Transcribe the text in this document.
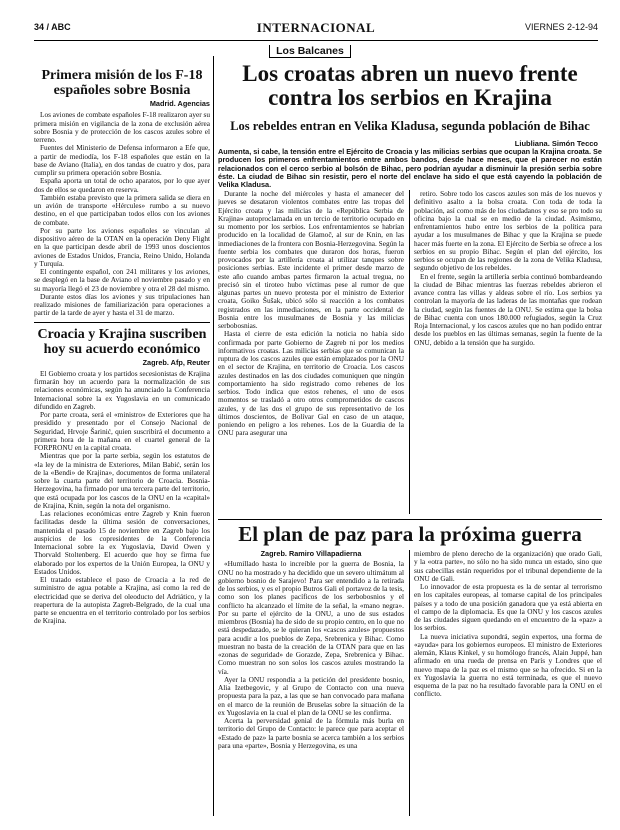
34 / ABC	INTERNACIONAL	VIERNES 2-12-94
Los Balcanes
Primera misión de los F-18 españoles sobre Bosnia
Madrid. Agencias

Los aviones de combate españoles F-18 realizaron ayer su primera misión en vigilancia de la zona de exclusión aérea sobre Bosnia y de protección de los cascos azules sobre el terreno.

Fuentes del Ministerio de Defensa informaron a Efe que, a partir de mediodía, los F-18 españoles que están en la base de Aviano (Italia), en dos tandas de cuatro y dos, para cumplir su primera operación sobre Bosnia.

España aporta un total de ocho aparatos, por lo que ayer dos de ellos se quedaron en reserva.

También estaba previsto que la primera salida se diera en un avión de transporte «Hércules» rumbo a su nuevo destino, en el que participaban todos ellos con los aviones de combate.

Por su parte los aviones españoles se vinculan al dispositivo aéreo de la OTAN en la operación Deny Flight en la que participan desde abril de 1993 unos doscientos aviones de Estados Unidos, Francia, Reino Unido, Holanda y Turquía.

El contingente español, con 241 militares y los aviones, se desplegó en la base de Aviano el noviembre pasado y en su mayoría llegó el 23 de noviembre y otra el 28 del mismo.

Durante estos días los aviones y sus tripulaciones han realizado misiones de familiarización para operaciones a partir de la tarde de ayer y hasta el 31 de marzo.

Croacia y Krajina suscriben hoy su acuerdo económico
Zagreb. Afp, Reuter

El Gobierno croata y los partidos secesionistas de Krajina firmarán hoy un acuerdo para la normalización de sus relaciones económicas, según ha anunciado la Conferencia Internacional sobre la ex Yugoslavia en un comunicado difundido en Zagreb.

Por parte croata, será el «ministro» de Exteriores que ha presidido y presentado por el Consejo Nacional de Seguridad, Hrvoje Šarinić, quien suscribirá el documento a primera hora de la mañana en el cuartel general de la FORPRONU en la capital croata.

Mientras que por la parte serbia, según los estatutos de «la ley de la ministra de Exteriores, Milan Babić, serán los de la «Bendi» de Krajina», documentos de forma unilateral sobre la cuarta parte del territorio de Croacia. Bosnia-Herzegovina, ha firmado por una tercera parte del territorio, que está ocupada por los cascos de la ONU en la «capital» de Krajina, Knin, según la nota del organismo.

Las relaciones económicas entre Zagreb y Knin fueron facilitadas desde la última sesión de conversaciones, mantenida el pasado 15 de noviembre en Zagreb bajo los auspicios de los copresidentes de la Conferencia Internacional sobre la ex Yugoslavia, David Owen y Thorvald Stoltenberg. El acuerdo que hoy se firma fue elaborado por los expertos de la Unión Europea, la ONU y Estados Unidos.

El tratado establece el paso de Croacia a la red de suministro de agua potable a Krajina, así como la red de electricidad que se deriva del oleoducto del Adriático, y la reapertura de la autopista Zagreb-Belgrado, de la cual una parte se encuentra en el territorio controlado por los serbios de Krajina.

Los croatas abren un nuevo frente contra los serbios en Krajina
Los rebeldes entran en Velika Kladusa, segunda población de Bihac
Liubliana. Simón Tecco
Aumenta, si cabe, la tensión entre el Ejército de Croacia y las milicias serbias que ocupan la Krajina croata. Se producen los primeros enfrentamientos entre ambos bandos, desde hace meses, que el parecer no están relacionados con el cerco serbio al bolsón de Bihac, pero podrían ayudar a disminuir la presión serbia sobre éste. La ciudad de Bihac sin resistir, pero el norte del enclave ha sido el que está cayendo la población de Velika Kladusa.

Durante la noche del miércoles y hasta el amanecer del jueves se desataron violentos combates entre las tropas del Ejército croata y las milicias de la «República Serbia de Krajina» autoproclamada en un tercio de territorio ocupado en su momento por los serbios. Los enfrentamientos se habrían producido en la localidad de Glamoč, al sur de Knin, en las inmediaciones de la frontera con Bosnia-Herzegovina. Según la fuente serbia los combates que duraron dos horas, fueron provocados por la artillería croata al utilizar tanques sobre posiciones serbias. Este incidente el primer desde marzo de este año cuando ambas partes firmaron la actual tregua, no precisó sin el tiroteo hubo víctimas pese al rumor de que algunas partes un nuevo protesta por el ministro de Exterior croata, Goiko Šušak, ubicó sólo si reacción a los combates registrados en las inmediaciones, en la parte occidental de Bosnia entre los musulmanes de Bosnia y las milicias serbobosnias.

Hasta el cierre de esta edición la noticia no había sido confirmada por parte Gobierno de Zagreb ni por los medios informativos croatas. Las milicias serbias que se comunican la ruptura de los cascos azules que están emplazados por la ONU en el sector de Krajina, en territorio de Croacia. Los cascos azules destinados en las dos ciudades comuniquen que ningún comportamiento ha sido registrado como rehenes de los serbios. Todo indica que estos rehenes, el uno de esos momentos se trasladó a otro otros comprometidos de cascos azules, y de las dos el grupo de sus representativo de los últimos doscientos, de Bolívar Gal en caso de un ataque, poniendo en peligro a los rehenes. Los de la Guardia de la ONU para asegurar una

retiro. Sobre todo los cascos azules son más de los nuevos y definitivo asalto a la bolsa croata. Con toda de toda la población, así como más de los ciudadanos y eso se pro todo su oficina bajo la cual se en medio de la ciudad. Asimismo, enfrentamientos hubo entre los serbios de la política para ayudar a los musulmanes de Bihac y que la Krajina se puede hacer más fuerte en la zona. El Ejército de Serbia se ofrece a los serbios en su propio Bihac. Según el plan del ejército, los serbios se ocupan de las regiones de la zona de Velika Kladusa, segundo objetivo de los rebeldes.

En el frente, según la artillería serbia continuó bombardeando la ciudad de Bihac mientras las fuerzas rebeldes abrieron el avance contra las villas y aldeas sobre el río. Los serbios ya controlan la mayoría de las laderas de las montañas que rodean la ciudad, según las fuentes de la ONU. Se estima que la bolsa de Bihac cuenta con unos 180.000 refugiados, según la Cruz Roja Internacional, y los cascos azules que no han podido entrar desde los pueblos en las últimas semanas, según la fuente de la ONU, debido a la tensión que ha surgido.

El plan de paz para la próxima guerra
Zagreb. Ramiro Villapadierna

«Humillado hasta lo increíble por la guerra de Bosnia, la ONU no ha mostrado y ha decidido que un severo ultimátum al gobierno bosnio de Sarajevo! Para ser entendido a la retirada de los serbios, y es el propio Butros Gali el portavoz de la tesis, como son los planes pacíficos de los serbobosnios y el conflicto ha alcanzado el límite de la señal, la «mano negra». Por su parte el ejército de la ONU, a uno de sus estados miembros (Bosnia) ha de sido de su propio centro, en lo que no está despedazado, se le quieran los «cascos azules» propuestos para acudir a los pueblos de Zepa, Srebrenica y Bihac. Como muestran no basta de la creación de la OTAN para que en las «zonas de seguridad» de Gorazde, Zepa, Srebrenica y Bihac. Como muestran no son solos los cascos azules mostrando la vía.

Ayer la ONU respondía a la petición del presidente bosnio, Alia Izetbegovic, y al Grupo de Contacto con una nueva propuesta para la paz, a las que se han convocado para mañana en el marco de la reunión de Bruselas sobre la situación de la ex Yugoslavia en la cual el plan de la ONU se les confirma.

Acerta la perversidad genial de la fórmula más burla en territorio del Grupo de Contacto: le parece que para aceptar el «Estado de paz» la parte bosnia se acerca también a los serbios para una «parte», Bosnia y Herzegovina, es una

miembro de pleno derecho de la organización) que orado Gali, y la «otra parte», no sólo no ha sido nunca un estado, sino que sus cabecillas están requeridos por el tribunal dependiente de la ONU de Gali.

Lo innovador de esta propuesta es la de sentar al terrorismo en los capitales europeas, al tomarse capital de los principales países y a todo de una posición ganadora que ya está abierta en el campo de la diplomacia. Es que la ONU y los cascos azules de las ciudades siguen quedando en el encuentro de la «paz» a los serbios.

La nueva iniciativa supondrá, según expertos, una forma de «ayuda» para los gobiernos europeos. El ministro de Exteriores alemán, Klaus Kinkel, y su homólogo francés, Alain Juppé, han afirmado en una rueda de prensa en París y Londres que el nuevo mapa de la paz es el mismo que se ha ofrecido. Si en la ex Yugoslavia la guerra no está terminada, es que el nuevo esquema de la paz no ha resultado favorable para la ONU en el conflicto.
